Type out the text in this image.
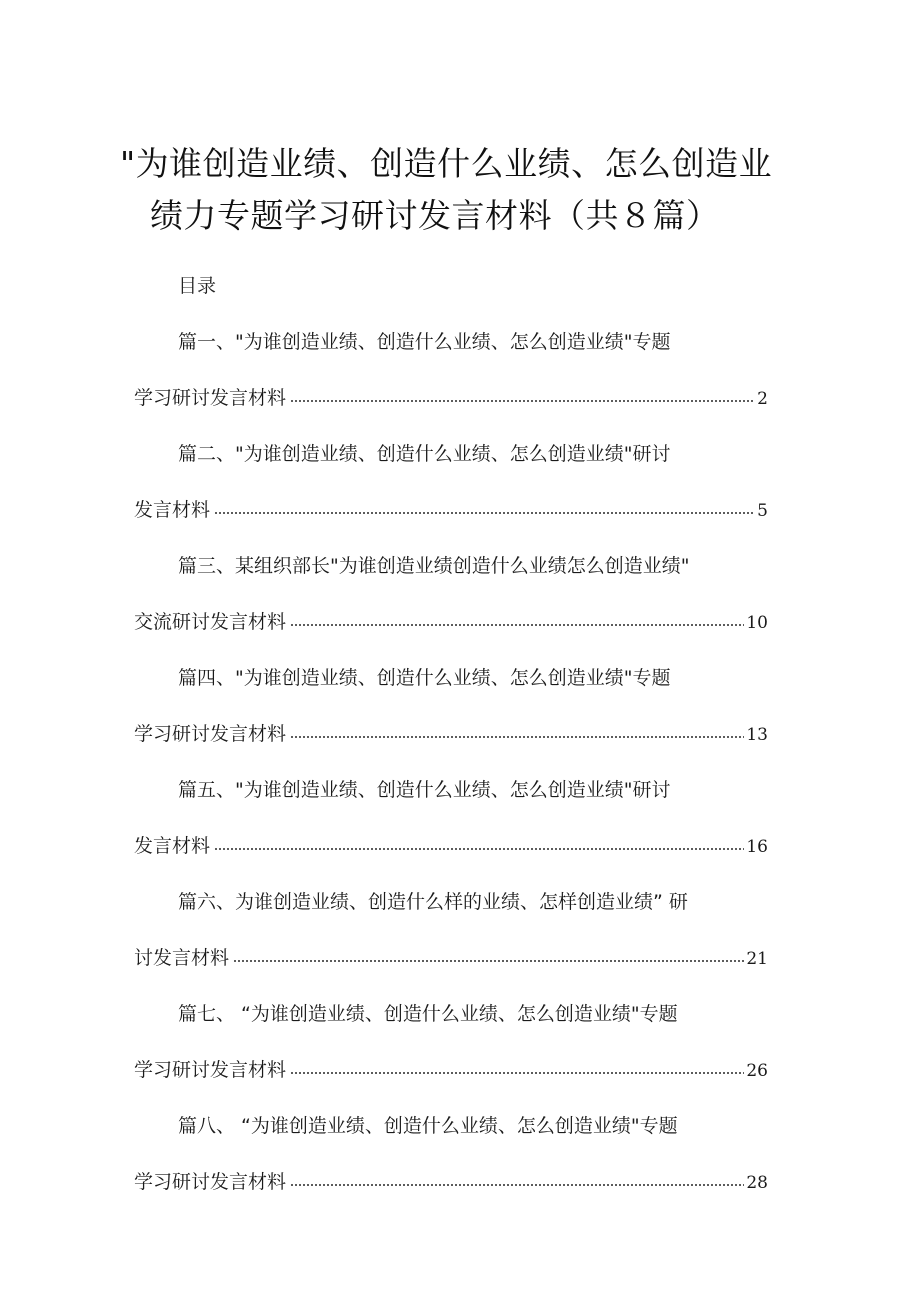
"为谁创造业绩、创造什么业绩、怎么创造业
绩力专题学习研讨发言材料（共８篇）

目录

篇一、"为谁创造业绩、创造什么业绩、怎么创造业绩"专题
学习研讨发言材料	2
篇二、"为谁创造业绩、创造什么业绩、怎么创造业绩"研讨
发言材料	5
篇三、某组织部长"为谁创造业绩创造什么业绩怎么创造业绩"
交流研讨发言材料	10
篇四、"为谁创造业绩、创造什么业绩、怎么创造业绩"专题
学习研讨发言材料	13
篇五、"为谁创造业绩、创造什么业绩、怎么创造业绩"研讨
发言材料	16
篇六、为谁创造业绩、创造什么样的业绩、怎样创造业绩” 研
讨发言材料	21
篇七、 “为谁创造业绩、创造什么业绩、怎么创造业绩"专题
学习研讨发言材料	26
篇八、 “为谁创造业绩、创造什么业绩、怎么创造业绩"专题
学习研讨发言材料	28
